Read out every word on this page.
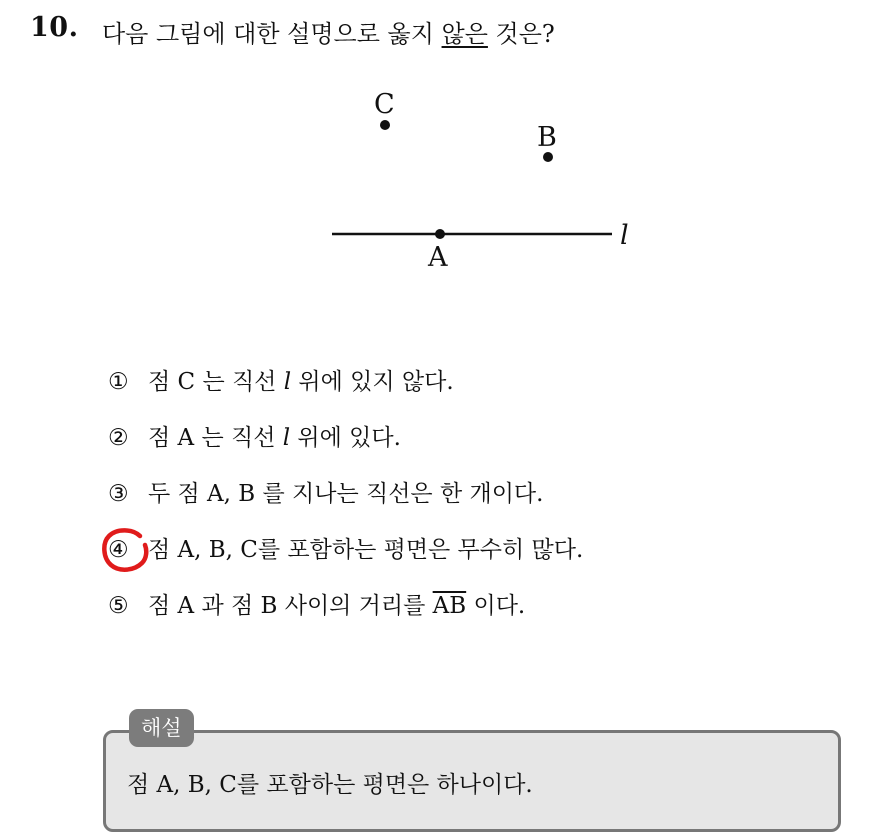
10. 다음 그림에 대한 설명으로 옳지 않은 것은?
A
B
C
l
① 점 C 는 직선 l 위에 있지 않다.
② 점 A 는 직선 l 위에 있다.
③ 두 점 A, B 를 지나는 직선은 한 개이다.
④ 점 A, B, C를 포함하는 평면은 무수히 많다.
⑤ 점 A 과 점 B 사이의 거리를 $\overline{AB}$ 이다.
해설
점 A, B, C를 포함하는 평면은 하나이다.
